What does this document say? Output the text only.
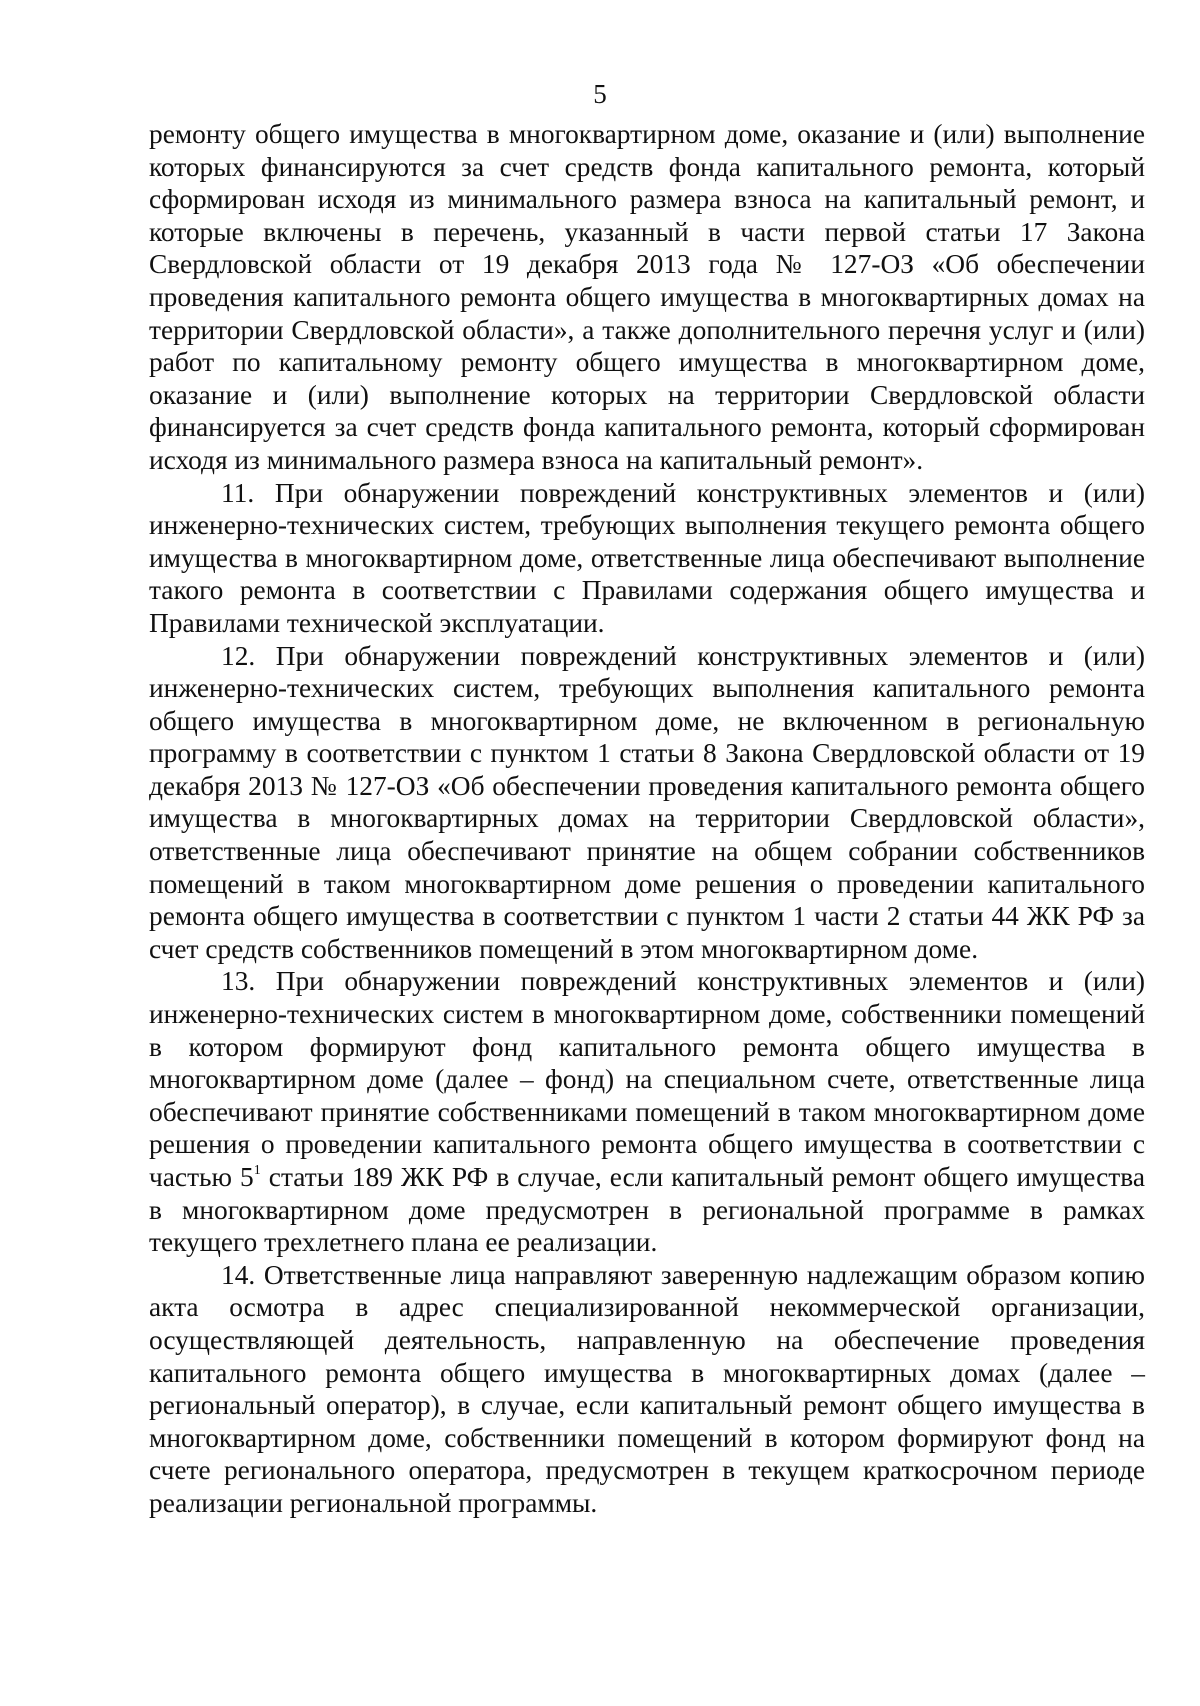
5

ремонту общего имущества в многоквартирном доме, оказание и (или) выполнение которых финансируются за счет средств фонда капитального ремонта, который сформирован исходя из минимального размера взноса на капитальный ремонт, и которые включены в перечень, указанный в части первой статьи 17 Закона Свердловской области от 19 декабря 2013 года № 127-ОЗ «Об обеспечении проведения капитального ремонта общего имущества в многоквартирных домах на территории Свердловской области», а также дополнительного перечня услуг и (или) работ по капитальному ремонту общего имущества в многоквартирном доме, оказание и (или) выполнение которых на территории Свердловской области финансируется за счет средств фонда капитального ремонта, который сформирован исходя из минимального размера взноса на капитальный ремонт».

11. При обнаружении повреждений конструктивных элементов и (или) инженерно-технических систем, требующих выполнения текущего ремонта общего имущества в многоквартирном доме, ответственные лица обеспечивают выполнение такого ремонта в соответствии с Правилами содержания общего имущества и Правилами технической эксплуатации.

12. При обнаружении повреждений конструктивных элементов и (или) инженерно-технических систем, требующих выполнения капитального ремонта общего имущества в многоквартирном доме, не включенном в региональную программу в соответствии с пунктом 1 статьи 8 Закона Свердловской области от 19 декабря 2013 № 127-ОЗ «Об обеспечении проведения капитального ремонта общего имущества в многоквартирных домах на территории Свердловской области», ответственные лица обеспечивают принятие на общем собрании собственников помещений в таком многоквартирном доме решения о проведении капитального ремонта общего имущества в соответствии с пунктом 1 части 2 статьи 44 ЖК РФ за счет средств собственников помещений в этом многоквартирном доме.

13. При обнаружении повреждений конструктивных элементов и (или) инженерно-технических систем в многоквартирном доме, собственники помещений в котором формируют фонд капитального ремонта общего имущества в многоквартирном доме (далее – фонд) на специальном счете, ответственные лица обеспечивают принятие собственниками помещений в таком многоквартирном доме решения о проведении капитального ремонта общего имущества в соответствии с частью $5^1$ статьи 189 ЖК РФ в случае, если капитальный ремонт общего имущества в многоквартирном доме предусмотрен в региональной программе в рамках текущего трехлетнего плана ее реализации.

14. Ответственные лица направляют заверенную надлежащим образом копию акта осмотра в адрес специализированной некоммерческой организации, осуществляющей деятельность, направленную на обеспечение проведения капитального ремонта общего имущества в многоквартирных домах (далее – региональный оператор), в случае, если капитальный ремонт общего имущества в многоквартирном доме, собственники помещений в котором формируют фонд на счете регионального оператора, предусмотрен в текущем краткосрочном периоде реализации региональной программы.
